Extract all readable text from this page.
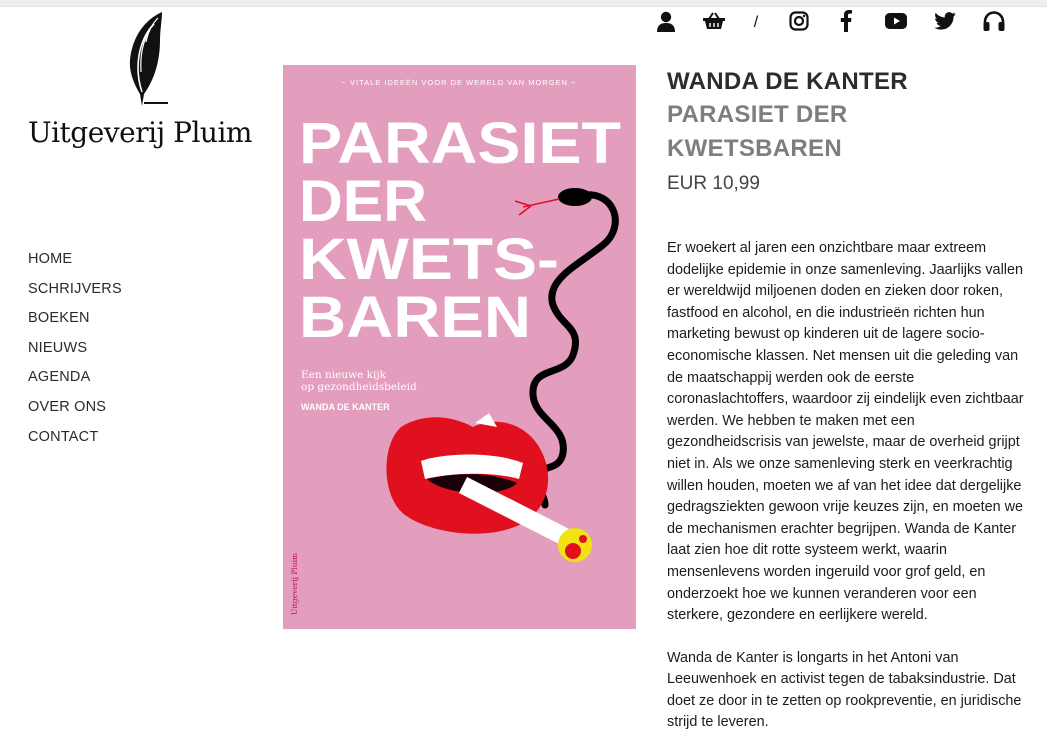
Uitgeverij Pluim
/
HOME
SCHRIJVERS
BOEKEN
NIEUWS
AGENDA
OVER ONS
CONTACT
~ VITALE IDEEËN VOOR DE WERELD VAN MORGEN ~
PARASIET
DER
KWETS-
BAREN
Een nieuwe kijk
op gezondheidsbeleid
WANDA DE KANTER
Uitgeverij Pluim
WANDA DE KANTER
PARASIET DER KWETSBAREN
EUR 10,99

Er woekert al jaren een onzichtbare maar extreem dodelijke epidemie in onze samenleving. Jaarlijks vallen er wereldwijd miljoenen doden en zieken door roken, fastfood en alcohol, en die industrieën richten hun marketing bewust op kinderen uit de lagere socio-economische klassen. Net mensen uit die geleding van de maatschappij werden ook de eerste coronaslachtoffers, waardoor zij eindelijk even zichtbaar werden. We hebben te maken met een gezondheidscrisis van jewelste, maar de overheid grijpt niet in. Als we onze samenleving sterk en veerkrachtig willen houden, moeten we af van het idee dat dergelijke gedragsziekten gewoon vrije keuzes zijn, en moeten we de mechanismen erachter begrijpen. Wanda de Kanter laat zien hoe dit rotte systeem werkt, waarin mensenlevens worden ingeruild voor grof geld, en onderzoekt hoe we kunnen veranderen voor een sterkere, gezondere en eerlijkere wereld.

Wanda de Kanter is longarts in het Antoni van Leeuwenhoek en activist tegen de tabaksindustrie. Dat doet ze door in te zetten op rookpreventie, en juridische strijd te leveren.
